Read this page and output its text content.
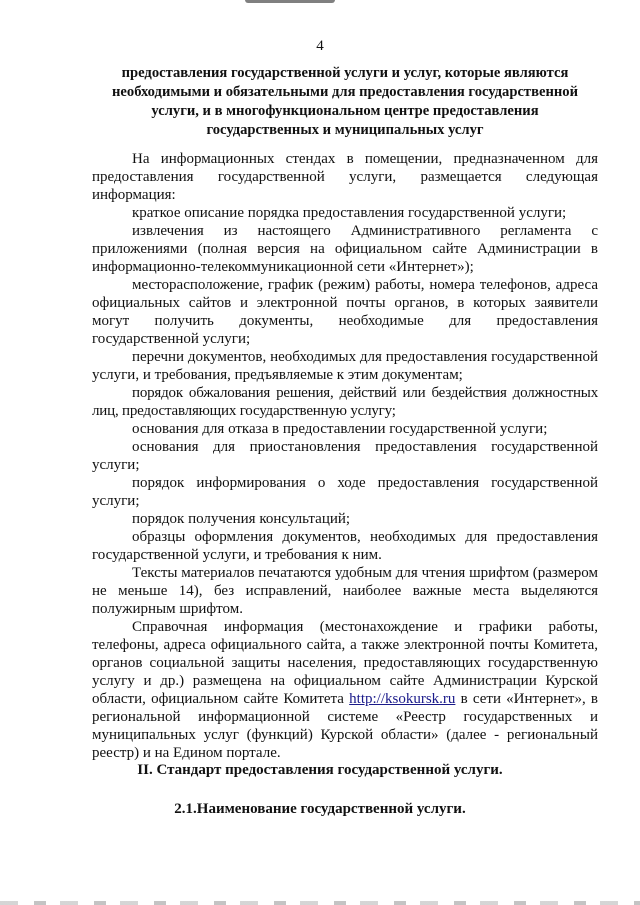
4
предоставления государственной услуги и услуг, которые являются
необходимыми и обязательными для предоставления государственной
услуги, и в многофункциональном центре предоставления
государственных и муниципальных услуг

На информационных стендах в помещении, предназначенном для предоставления государственной услуги, размещается следующая информация:

краткое описание порядка предоставления государственной услуги;

извлечения из настоящего Административного регламента с приложениями (полная версия на официальном сайте Администрации в информационно-телекоммуникационной сети «Интернет»);

месторасположение, график (режим) работы, номера телефонов, адреса официальных сайтов и электронной почты органов, в которых заявители могут получить документы, необходимые для предоставления государственной услуги;

перечни документов, необходимых для предоставления государственной услуги, и требования, предъявляемые к этим документам;

порядок обжалования решения, действий или бездействия должностных лиц, предоставляющих государственную услугу;

основания для отказа в предоставлении государственной услуги;

основания для приостановления предоставления государственной услуги;

порядок информирования о ходе предоставления государственной услуги;

порядок получения консультаций;

образцы оформления документов, необходимых для предоставления государственной услуги, и требования к ним.

Тексты материалов печатаются удобным для чтения шрифтом (размером не меньше 14), без исправлений, наиболее важные места выделяются полужирным шрифтом.

Справочная информация (местонахождение и графики работы, телефоны, адреса официального сайта, а также электронной почты Комитета, органов социальной защиты населения, предоставляющих государственную услугу и др.) размещена на официальном сайте Администрации Курской области, официальном сайте Комитета http://ksokursk.ru в сети «Интернет», в региональной информационной системе «Реестр государственных и муниципальных услуг (функций) Курской области» (далее - региональный реестр) и на Едином портале.

II. Стандарт предоставления государственной услуги.
2.1.Наименование государственной услуги.
